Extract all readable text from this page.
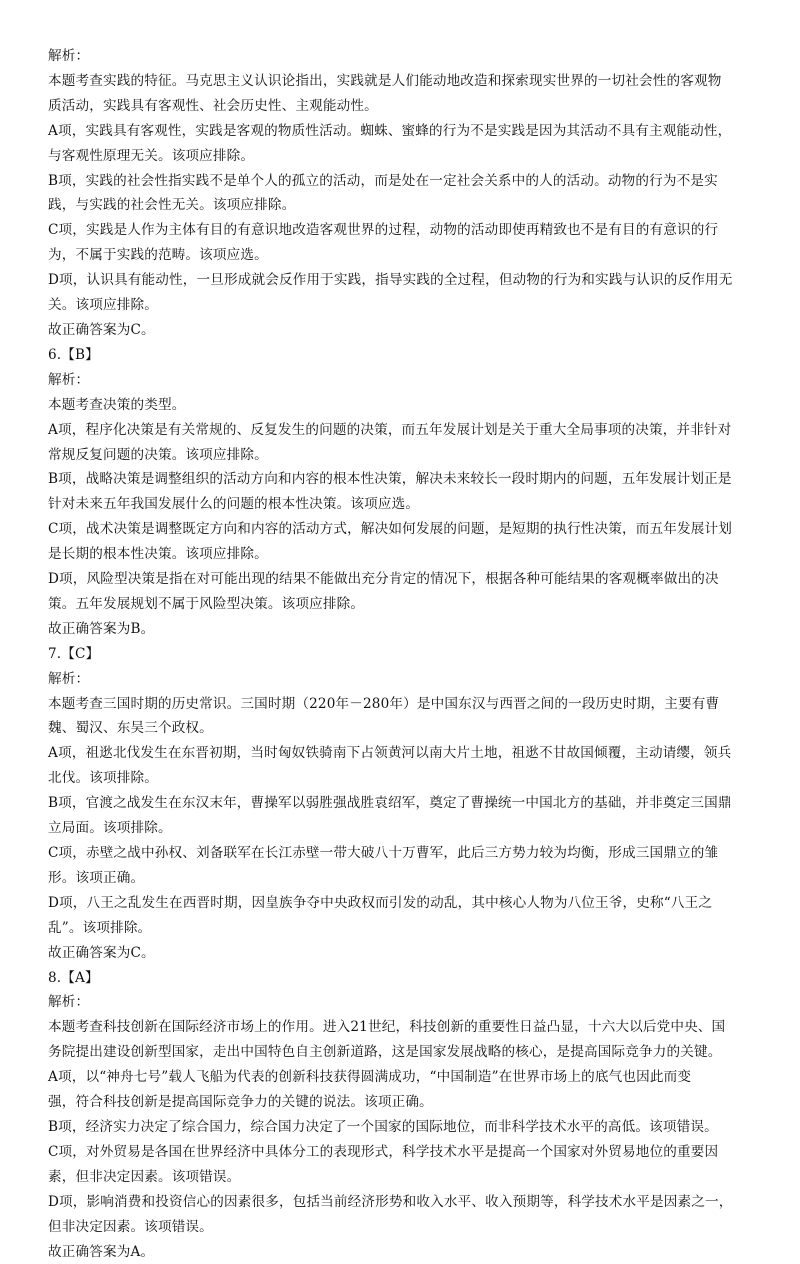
解析：
本题考查实践的特征。马克思主义认识论指出，实践就是人们能动地改造和探索现实世界的一切社会性的客观物
质活动，实践具有客观性、社会历史性、主观能动性。
A项，实践具有客观性，实践是客观的物质性活动。蜘蛛、蜜蜂的行为不是实践是因为其活动不具有主观能动性，
与客观性原理无关。该项应排除。
B项，实践的社会性指实践不是单个人的孤立的活动，而是处在一定社会关系中的人的活动。动物的行为不是实
践，与实践的社会性无关。该项应排除。
C项，实践是人作为主体有目的有意识地改造客观世界的过程，动物的活动即使再精致也不是有目的有意识的行
为，不属于实践的范畴。该项应选。
D项，认识具有能动性，一旦形成就会反作用于实践，指导实践的全过程，但动物的行为和实践与认识的反作用无
关。该项应排除。
故正确答案为C。
6.【B】
解析：
本题考查决策的类型。
A项，程序化决策是有关常规的、反复发生的问题的决策，而五年发展计划是关于重大全局事项的决策，并非针对
常规反复问题的决策。该项应排除。
B项，战略决策是调整组织的活动方向和内容的根本性决策，解决未来较长一段时期内的问题，五年发展计划正是
针对未来五年我国发展什么的问题的根本性决策。该项应选。
C项，战术决策是调整既定方向和内容的活动方式，解决如何发展的问题，是短期的执行性决策，而五年发展计划
是长期的根本性决策。该项应排除。
D项，风险型决策是指在对可能出现的结果不能做出充分肯定的情况下，根据各种可能结果的客观概率做出的决
策。五年发展规划不属于风险型决策。该项应排除。
故正确答案为B。
7.【C】
解析：
本题考查三国时期的历史常识。三国时期（220年－280年）是中国东汉与西晋之间的一段历史时期，主要有曹
魏、蜀汉、东吴三个政权。
A项，祖逖北伐发生在东晋初期，当时匈奴铁骑南下占领黄河以南大片土地，祖逖不甘故国倾覆，主动请缨，领兵
北伐。该项排除。
B项，官渡之战发生在东汉末年，曹操军以弱胜强战胜袁绍军，奠定了曹操统一中国北方的基础，并非奠定三国鼎
立局面。该项排除。
C项，赤壁之战中孙权、刘备联军在长江赤壁一带大破八十万曹军，此后三方势力较为均衡，形成三国鼎立的雏
形。该项正确。
D项，八王之乱发生在西晋时期，因皇族争夺中央政权而引发的动乱，其中核心人物为八位王爷，史称“八王之
乱”。该项排除。
故正确答案为C。
8.【A】
解析：
本题考查科技创新在国际经济市场上的作用。进入21世纪，科技创新的重要性日益凸显，十六大以后党中央、国
务院提出建设创新型国家，走出中国特色自主创新道路，这是国家发展战略的核心，是提高国际竞争力的关键。
A项，以“神舟七号”载人飞船为代表的创新科技获得圆满成功，“中国制造”在世界市场上的底气也因此而变
强，符合科技创新是提高国际竞争力的关键的说法。该项正确。
B项，经济实力决定了综合国力，综合国力决定了一个国家的国际地位，而非科学技术水平的高低。该项错误。
C项，对外贸易是各国在世界经济中具体分工的表现形式，科学技术水平是提高一个国家对外贸易地位的重要因
素，但非决定因素。该项错误。
D项，影响消费和投资信心的因素很多，包括当前经济形势和收入水平、收入预期等，科学技术水平是因素之一，
但非决定因素。该项错误。
故正确答案为A。
